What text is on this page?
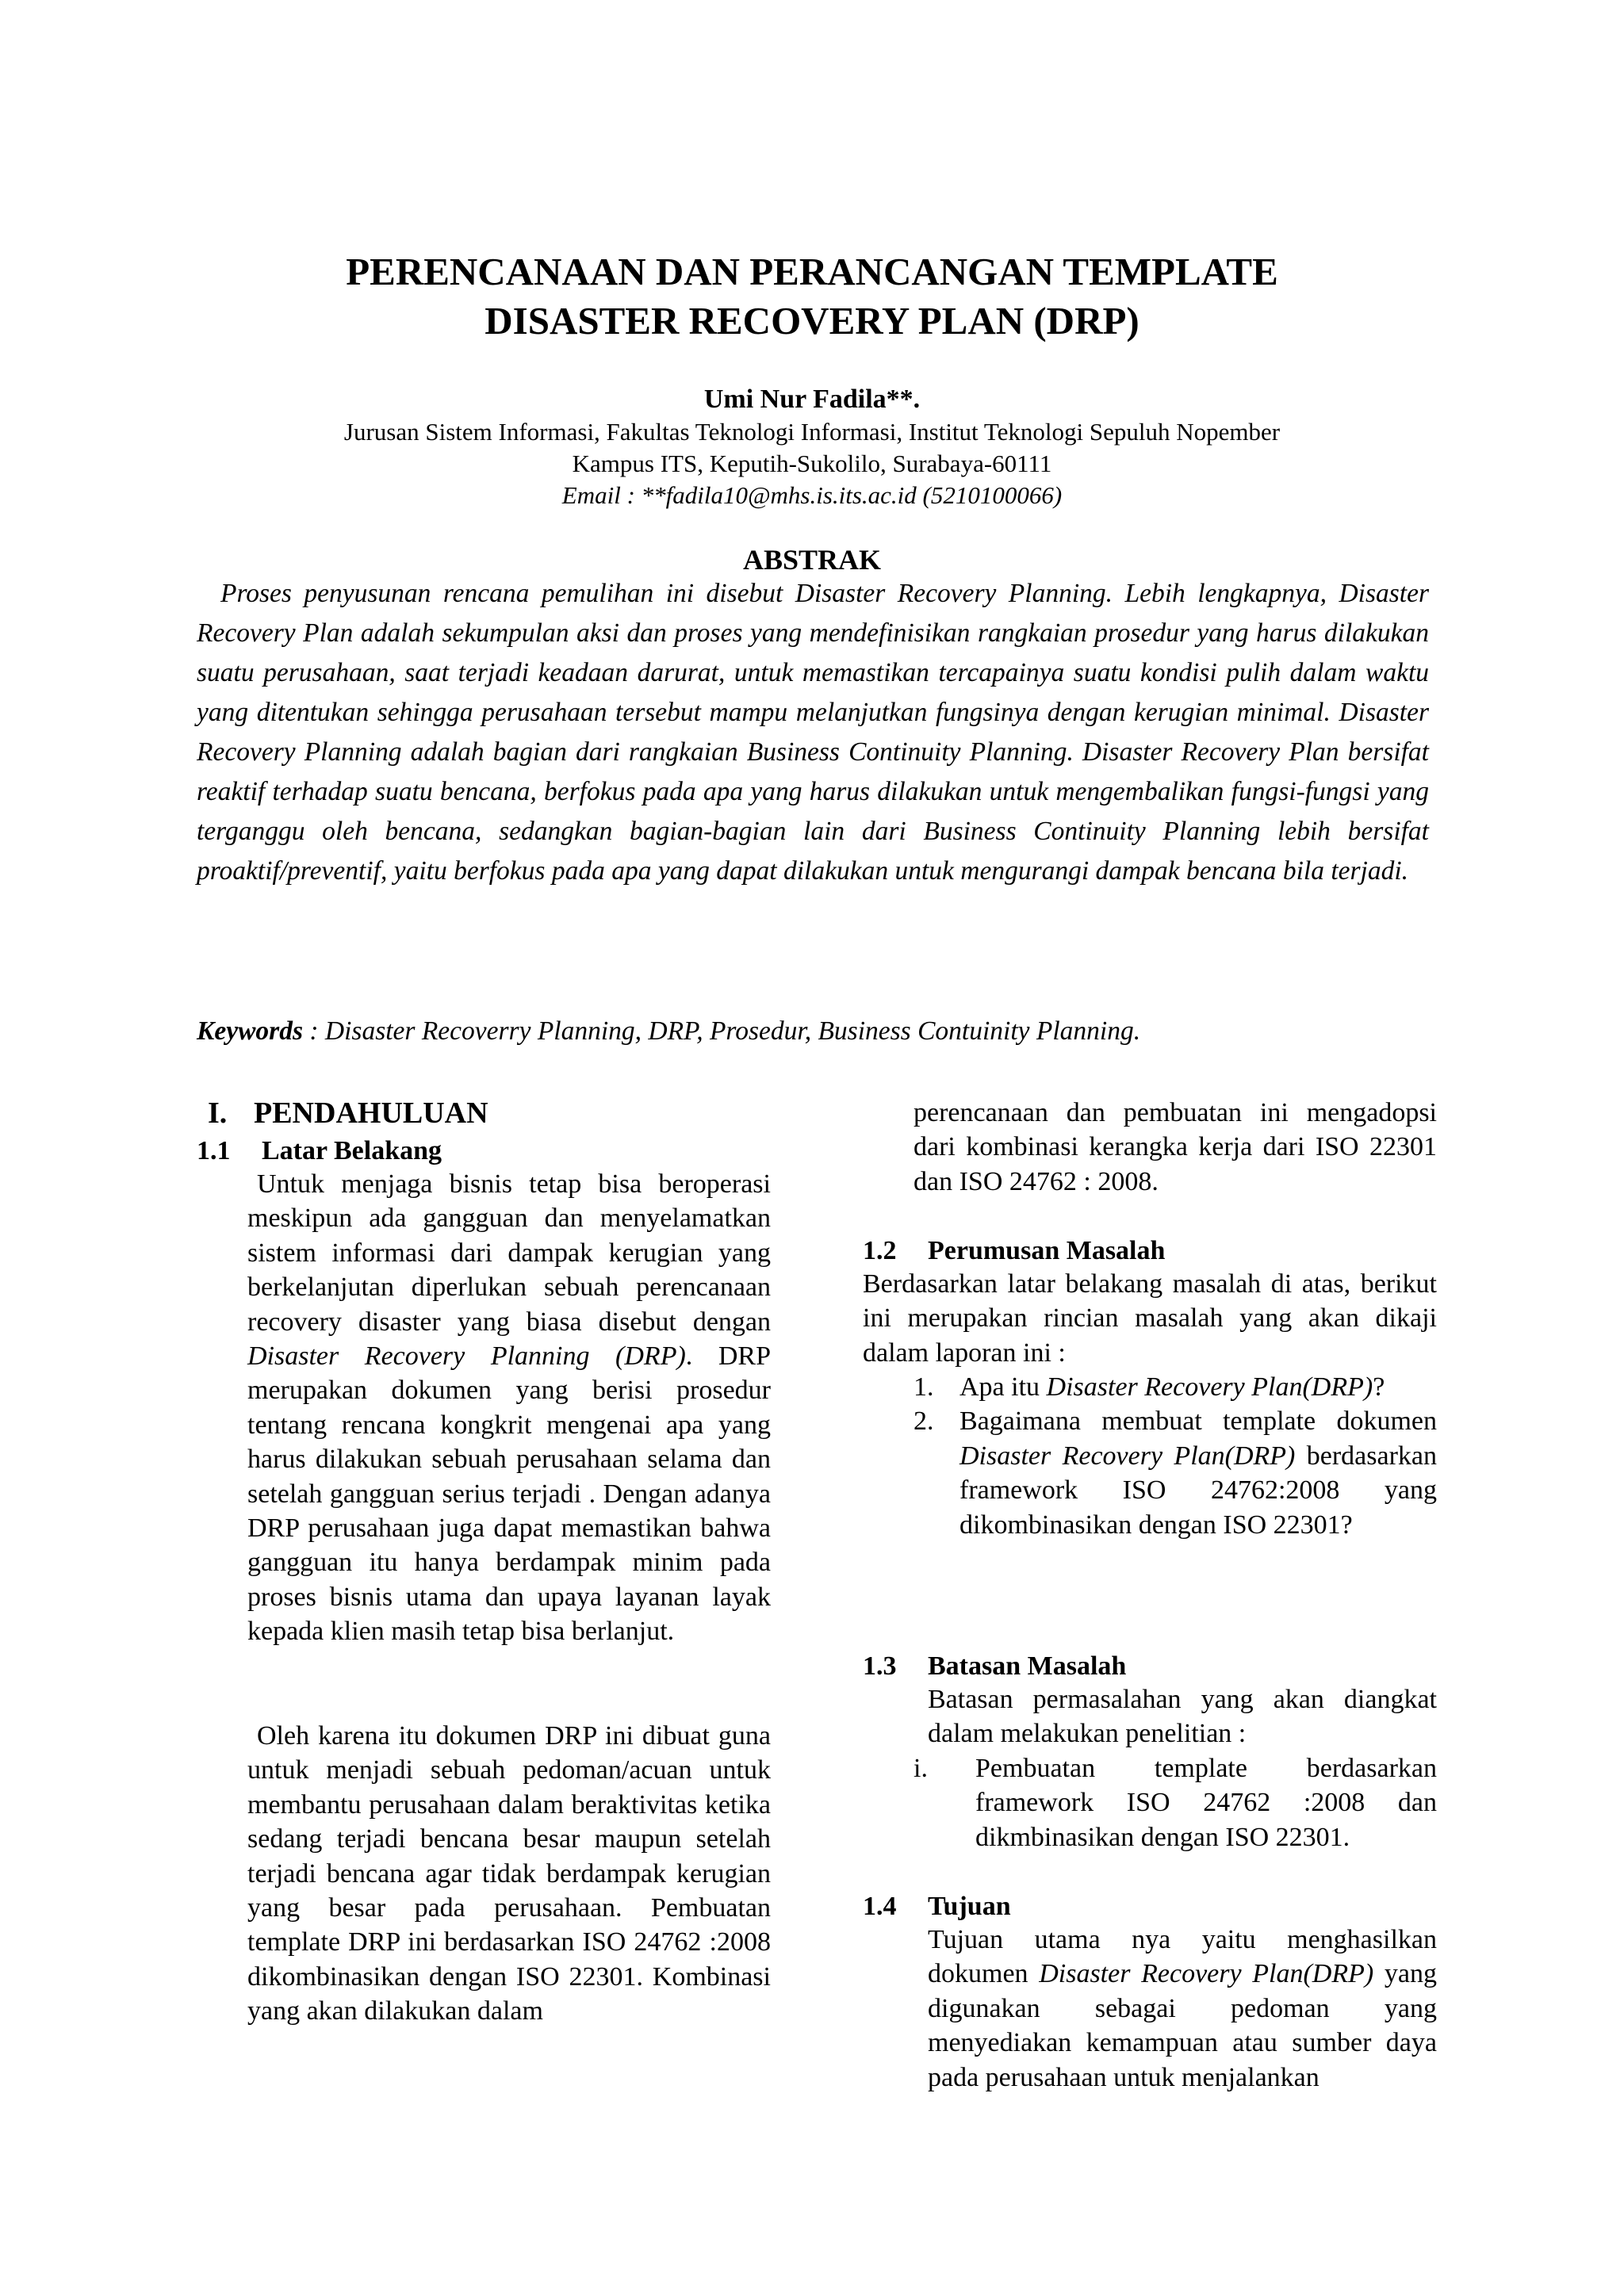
PERENCANAAN DAN PERANCANGAN TEMPLATE
DISASTER RECOVERY PLAN (DRP)

Umi Nur Fadila**.

Jurusan Sistem Informasi, Fakultas Teknologi Informasi, Institut Teknologi Sepuluh Nopember

Kampus ITS, Keputih-Sukolilo, Surabaya-60111

Email : **fadila10@mhs.is.its.ac.id (5210100066)

ABSTRAK

Proses penyusunan rencana pemulihan ini disebut Disaster Recovery Planning. Lebih lengkapnya, Disaster Recovery Plan adalah sekumpulan aksi dan proses yang mendefinisikan rangkaian prosedur yang harus dilakukan suatu perusahaan, saat terjadi keadaan darurat, untuk memastikan tercapainya suatu kondisi pulih dalam waktu yang ditentukan sehingga perusahaan tersebut mampu melanjutkan fungsinya dengan kerugian minimal. Disaster Recovery Planning adalah bagian dari rangkaian Business Continuity Planning. Disaster Recovery Plan bersifat reaktif terhadap suatu bencana, berfokus pada apa yang harus dilakukan untuk mengembalikan fungsi-fungsi yang terganggu oleh bencana, sedangkan bagian-bagian lain dari Business Continuity Planning lebih bersifat proaktif/preventif, yaitu berfokus pada apa yang dapat dilakukan untuk mengurangi dampak bencana bila terjadi.

Keywords : Disaster Recoverry Planning, DRP, Prosedur, Business Contuinity Planning.

I. PENDAHULUAN
1.1 Latar Belakang

Untuk menjaga bisnis tetap bisa beroperasi meskipun ada gangguan dan menyelamatkan sistem informasi dari dampak kerugian yang berkelanjutan diperlukan sebuah perencanaan recovery disaster yang biasa disebut dengan Disaster Recovery Planning (DRP). DRP merupakan dokumen yang berisi prosedur tentang rencana kongkrit mengenai apa yang harus dilakukan sebuah perusahaan selama dan setelah gangguan serius terjadi . Dengan adanya DRP perusahaan juga dapat memastikan bahwa gangguan itu hanya berdampak minim pada proses bisnis utama dan upaya layanan layak kepada klien masih tetap bisa berlanjut.

Oleh karena itu dokumen DRP ini dibuat guna untuk menjadi sebuah pedoman/acuan untuk membantu perusahaan dalam beraktivitas ketika sedang terjadi bencana besar maupun setelah terjadi bencana agar tidak berdampak kerugian yang besar pada perusahaan. Pembuatan template DRP ini berdasarkan ISO 24762 :2008 dikombinasikan dengan ISO 22301. Kombinasi yang akan dilakukan dalam

perencanaan dan pembuatan ini mengadopsi dari kombinasi kerangka kerja dari ISO 22301 dan ISO 24762 : 2008.

1.2 Perumusan Masalah

Berdasarkan latar belakang masalah di atas, berikut ini merupakan rincian masalah yang akan dikaji dalam laporan ini :

1. Apa itu Disaster Recovery Plan(DRP)?
2. Bagaimana membuat template dokumen Disaster Recovery Plan(DRP) berdasarkan framework ISO 24762:2008 yang dikombinasikan dengan ISO 22301?
1.3 Batasan Masalah

Batasan permasalahan yang akan diangkat dalam melakukan penelitian :

i. Pembuatan template berdasarkan framework ISO 24762 :2008 dan dikmbinasikan dengan ISO 22301.
1.4 Tujuan

Tujuan utama nya yaitu menghasilkan dokumen Disaster Recovery Plan(DRP) yang digunakan sebagai pedoman yang menyediakan kemampuan atau sumber daya pada perusahaan untuk menjalankan
